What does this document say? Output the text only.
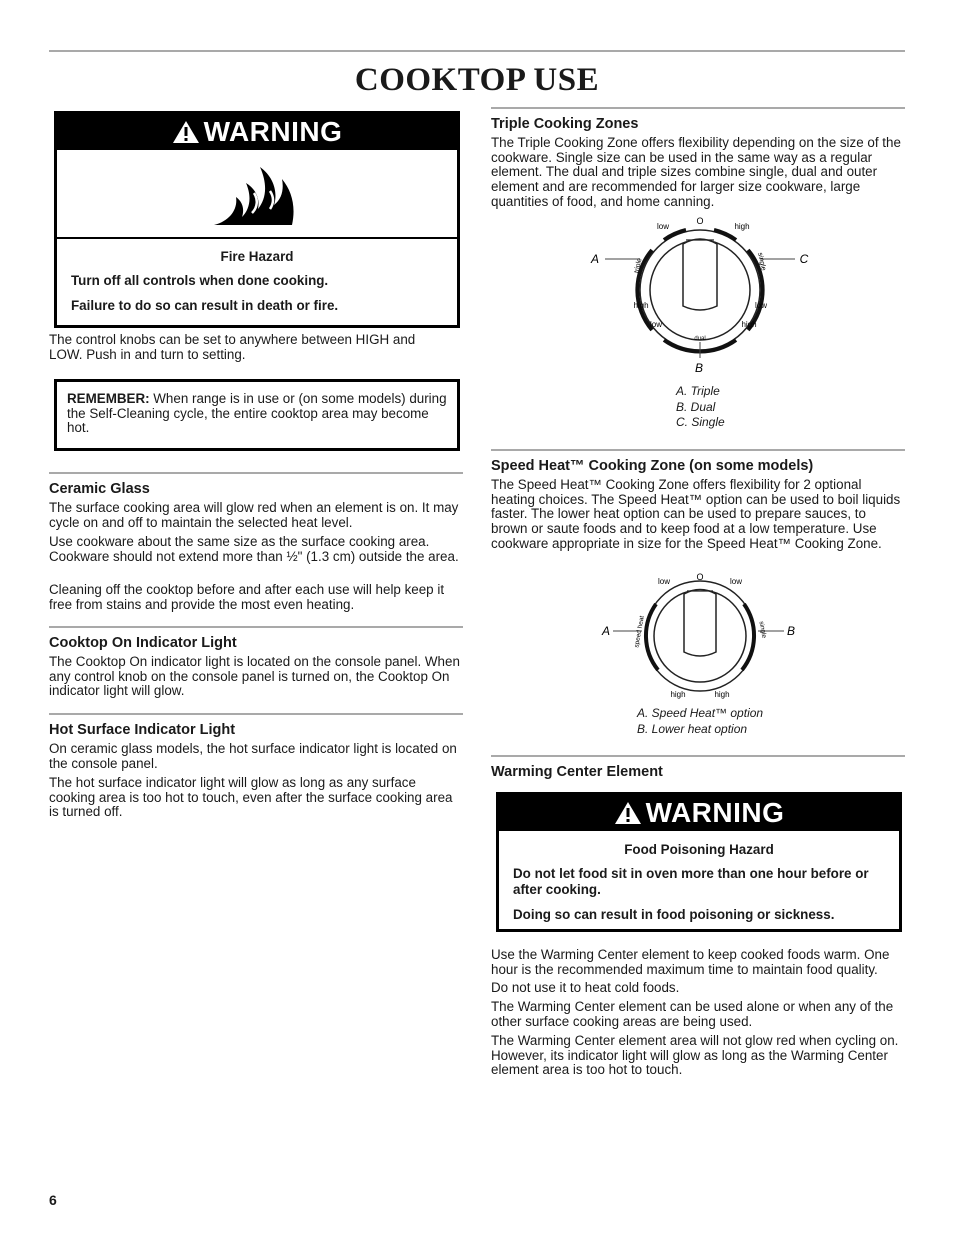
COOKTOP USE
WARNING
Fire Hazard
Turn off all controls when done cooking.
Failure to do so can result in death or fire.

The control knobs can be set to anywhere between HIGH and LOW. Push in and turn to setting.

REMEMBER: When range is in use or (on some models) during the Self-Cleaning cycle, the entire cooktop area may become hot.

Ceramic Glass

The surface cooking area will glow red when an element is on. It may cycle on and off to maintain the selected heat level.

Use cookware about the same size as the surface cooking area. Cookware should not extend more than ½" (1.3 cm) outside the area.

Cleaning off the cooktop before and after each use will help keep it free from stains and provide the most even heating.

Cooktop On Indicator Light

The Cooktop On indicator light is located on the console panel. When any control knob on the console panel is turned on, the Cooktop On indicator light will glow.

Hot Surface Indicator Light

On ceramic glass models, the hot surface indicator light is located on the console panel.

The hot surface indicator light will glow as long as any surface cooking area is too hot to touch, even after the surface cooking area is turned off.

Triple Cooking Zones

The Triple Cooking Zone offers flexibility depending on the size of the cookware. Single size can be used in the same way as a regular element. The dual and triple sizes combine single, dual and outer element and are recommended for larger size cookware, large quantities of food, and home canning.

O
low	high
triple	single
high	low
low	high
dual
A	C
B
A. Triple
B. Dual
C. Single
Speed Heat™ Cooking Zone (on some models)

The Speed Heat™ Cooking Zone offers flexibility for 2 optional heating choices. The Speed Heat™ option can be used to boil liquids faster. The lower heat option can be used to prepare sauces, to brown or saute foods and to keep food at a low temperature. Use cookware appropriate in size for the Speed Heat™ Cooking Zone.

O
low	low
speed heat	single
high	high
A	B
A. Speed Heat™ option
B. Lower heat option
Warming Center Element
WARNING
Food Poisoning Hazard
Do not let food sit in oven more than one hour before or after cooking.
Doing so can result in food poisoning or sickness.

Use the Warming Center element to keep cooked foods warm. One hour is the recommended maximum time to maintain food quality.

Do not use it to heat cold foods.

The Warming Center element can be used alone or when any of the other surface cooking areas are being used.

The Warming Center element area will not glow red when cycling on. However, its indicator light will glow as long as the Warming Center element area is too hot to touch.

6
